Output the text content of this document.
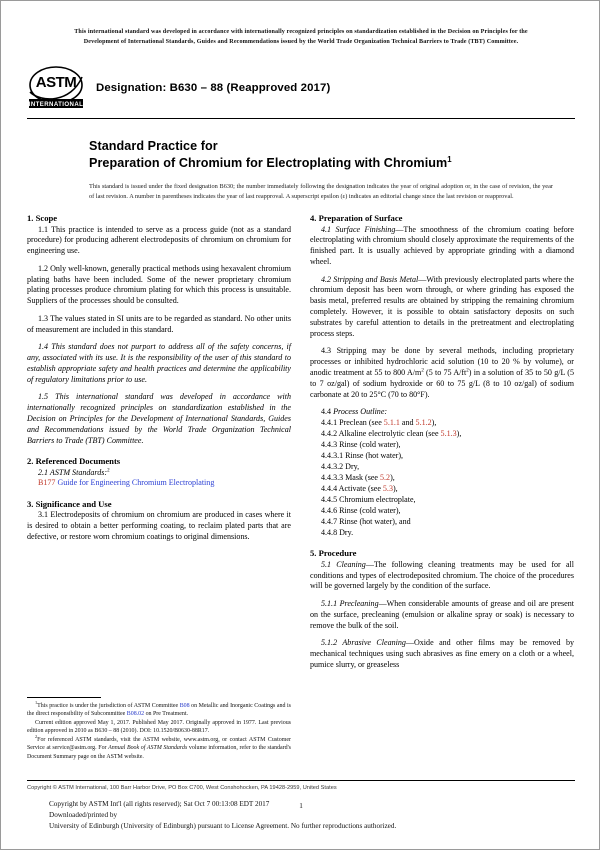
This international standard was developed in accordance with internationally recognized principles on standardization established in the Decision on Principles for the
Development of International Standards, Guides and Recommendations issued by the World Trade Organization Technical Barriers to Trade (TBT) Committee.
ASTM
INTERNATIONAL
Designation: B630 – 88 (Reapproved 2017)
Standard Practice for
Preparation of Chromium for Electroplating with Chromium$^1$

This standard is issued under the fixed designation B630; the number immediately following the designation indicates the year of original adoption or, in the case of revision, the year of last revision. A number in parentheses indicates the year of last reapproval. A superscript epsilon (ε) indicates an editorial change since the last revision or reapproval.

1. Scope

1.1 This practice is intended to serve as a process guide (not as a standard procedure) for producing adherent electrodeposits of chromium on chromium for engineering use.

1.2 Only well-known, generally practical methods using hexavalent chromium plating baths have been included. Some of the newer proprietary chromium plating processes produce chromium plating for which this process is unsuitable. Suppliers of the processes should be consulted.

1.3 The values stated in SI units are to be regarded as standard. No other units of measurement are included in this standard.

1.4 This standard does not purport to address all of the safety concerns, if any, associated with its use. It is the responsibility of the user of this standard to establish appropriate safety and health practices and determine the applicability of regulatory limitations prior to use.

1.5 This international standard was developed in accordance with internationally recognized principles on standardization established in the Decision on Principles for the Development of International Standards, Guides and Recommendations issued by the World Trade Organization Technical Barriers to Trade (TBT) Committee.

2. Referenced Documents

2.1 ASTM Standards:$^2$

B177 Guide for Engineering Chromium Electroplating

3. Significance and Use

3.1 Electrodeposits of chromium on chromium are produced in cases where it is desired to obtain a better performing coating, to reclaim plated parts that are defective, or restore worn chromium coatings to original dimensions.

$^1$This practice is under the jurisdiction of ASTM Committee B08 on Metallic and Inorganic Coatings and is the direct responsibility of Subcommittee B08.02 on Pre Treatment.

Current edition approved May 1, 2017. Published May 2017. Originally approved in 1977. Last previous edition approved in 2010 as B630 – 88 (2010). DOI: 10.1520/B0630-88R17.

$^2$For referenced ASTM standards, visit the ASTM website, www.astm.org, or contact ASTM Customer Service at service@astm.org. For Annual Book of ASTM Standards volume information, refer to the standard's Document Summary page on the ASTM website.

4. Preparation of Surface

4.1 Surface Finishing—The smoothness of the chromium coating before electroplating with chromium should closely approximate the requirements of the finished part. It is usually achieved by appropriate grinding with a diamond wheel.

4.2 Stripping and Basis Metal—With previously electroplated parts where the chromium deposit has been worn through, or where grinding has exposed the basis metal, preferred results are obtained by stripping the remaining chromium completely. However, it is possible to obtain satisfactory deposits on such substrates by careful attention to details in the pretreatment and electroplating process steps.

4.3 Stripping may be done by several methods, including proprietary processes or inhibited hydrochloric acid solution (10 to 20 % by volume), or anodic treatment at 55 to 800 $A/m^2$ (5 to 75 $A/ft^2$) in a solution of 35 to 50 g/L (5 to 7 oz/gal) of sodium hydroxide or 60 to 75 g/L (8 to 10 oz/gal) of sodium carbonate at 20 to 25°C (70 to 80°F).

4.4 Process Outline:

4.4.1 Preclean (see 5.1.1 and 5.1.2),

4.4.2 Alkaline electrolytic clean (see 5.1.3),

4.4.3 Rinse (cold water),

4.4.3.1 Rinse (hot water),

4.4.3.2 Dry,

4.4.3.3 Mask (see 5.2),

4.4.4 Activate (see 5.3),

4.4.5 Chromium electroplate,

4.4.6 Rinse (cold water),

4.4.7 Rinse (hot water), and

4.4.8 Dry.

5. Procedure

5.1 Cleaning—The following cleaning treatments may be used for all conditions and types of electrodeposited chromium. The choice of the procedures will be governed largely by the condition of the surface.

5.1.1 Precleaning—When considerable amounts of grease and oil are present on the surface, precleaning (emulsion or alkaline spray or soak) is necessary to remove the bulk of the soil.

5.1.2 Abrasive Cleaning—Oxide and other films may be removed by mechanical techniques using such abrasives as fine emery on a cloth or a wheel, pumice slurry, or greaseless

Copyright © ASTM International, 100 Barr Harbor Drive, PO Box C700, West Conshohocken, PA 19428-2959, United States
Copyright by ASTM Int'l (all rights reserved); Sat Oct 7 00:13:08 EDT 2017
Downloaded/printed by
University of Edinburgh (University of Edinburgh) pursuant to License Agreement. No further reproductions authorized.
1
